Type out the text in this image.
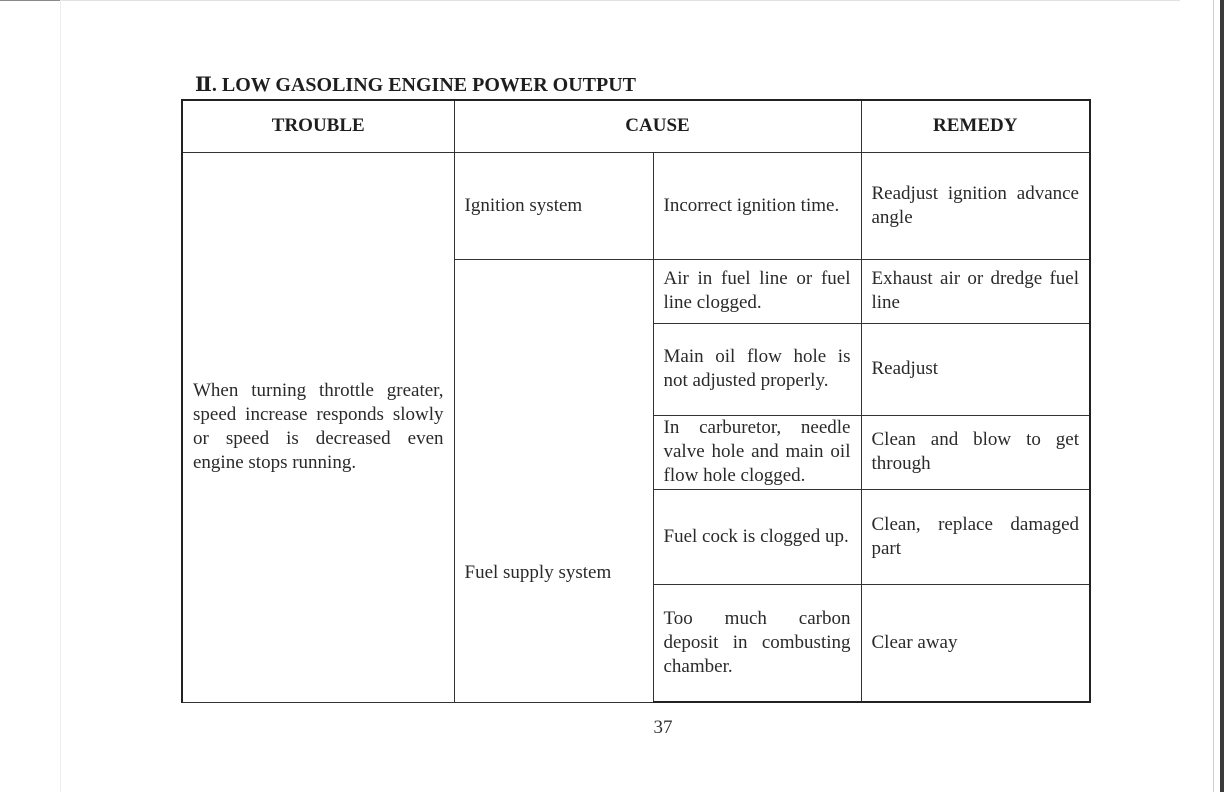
Ⅱ. LOW GASOLING ENGINE POWER OUTPUT
TROUBLE	CAUSE		REMEDY
When turning throttle greater, speed increase responds slowly or speed is decreased even engine stops running.	Ignition system	Incorrect ignition time.	Readjust ignition advance angle

	Fuel supply system	Air in fuel line or fuel line clogged.	Exhaust air or dredge fuel line
		Main oil flow hole is not adjusted properly.	Readjust
		In carburetor, needle valve hole and main oil flow hole clogged.	Clean and blow to get through
		Fuel cock is clogged up.	Clean, replace damaged part
		Too much carbon deposit in combusting chamber.	Clear away
37
